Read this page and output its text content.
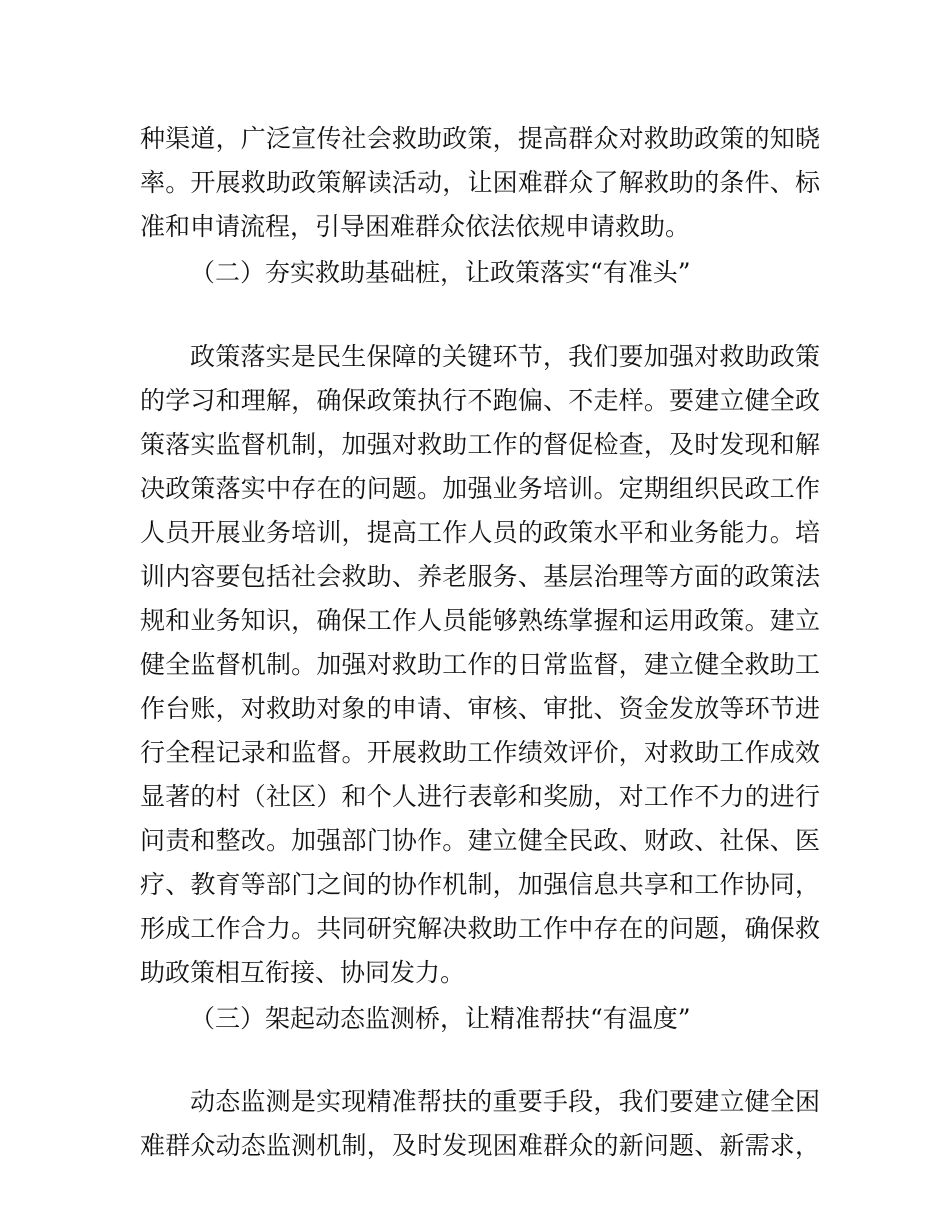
种渠道，广泛宣传社会救助政策，提高群众对救助政策的知晓
率。开展救助政策解读活动，让困难群众了解救助的条件、标
准和申请流程，引导困难群众依法依规申请救助。
（二）夯实救助基础桩，让政策落实“有准头”
政策落实是民生保障的关键环节，我们要加强对救助政策
的学习和理解，确保政策执行不跑偏、不走样。要建立健全政
策落实监督机制，加强对救助工作的督促检查，及时发现和解
决政策落实中存在的问题。加强业务培训。定期组织民政工作
人员开展业务培训，提高工作人员的政策水平和业务能力。培
训内容要包括社会救助、养老服务、基层治理等方面的政策法
规和业务知识，确保工作人员能够熟练掌握和运用政策。建立
健全监督机制。加强对救助工作的日常监督，建立健全救助工
作台账，对救助对象的申请、审核、审批、资金发放等环节进
行全程记录和监督。开展救助工作绩效评价，对救助工作成效
显著的村（社区）和个人进行表彰和奖励，对工作不力的进行
问责和整改。加强部门协作。建立健全民政、财政、社保、医
疗、教育等部门之间的协作机制，加强信息共享和工作协同，
形成工作合力。共同研究解决救助工作中存在的问题，确保救
助政策相互衔接、协同发力。
（三）架起动态监测桥，让精准帮扶“有温度”
动态监测是实现精准帮扶的重要手段，我们要建立健全困
难群众动态监测机制，及时发现困难群众的新问题、新需求，
